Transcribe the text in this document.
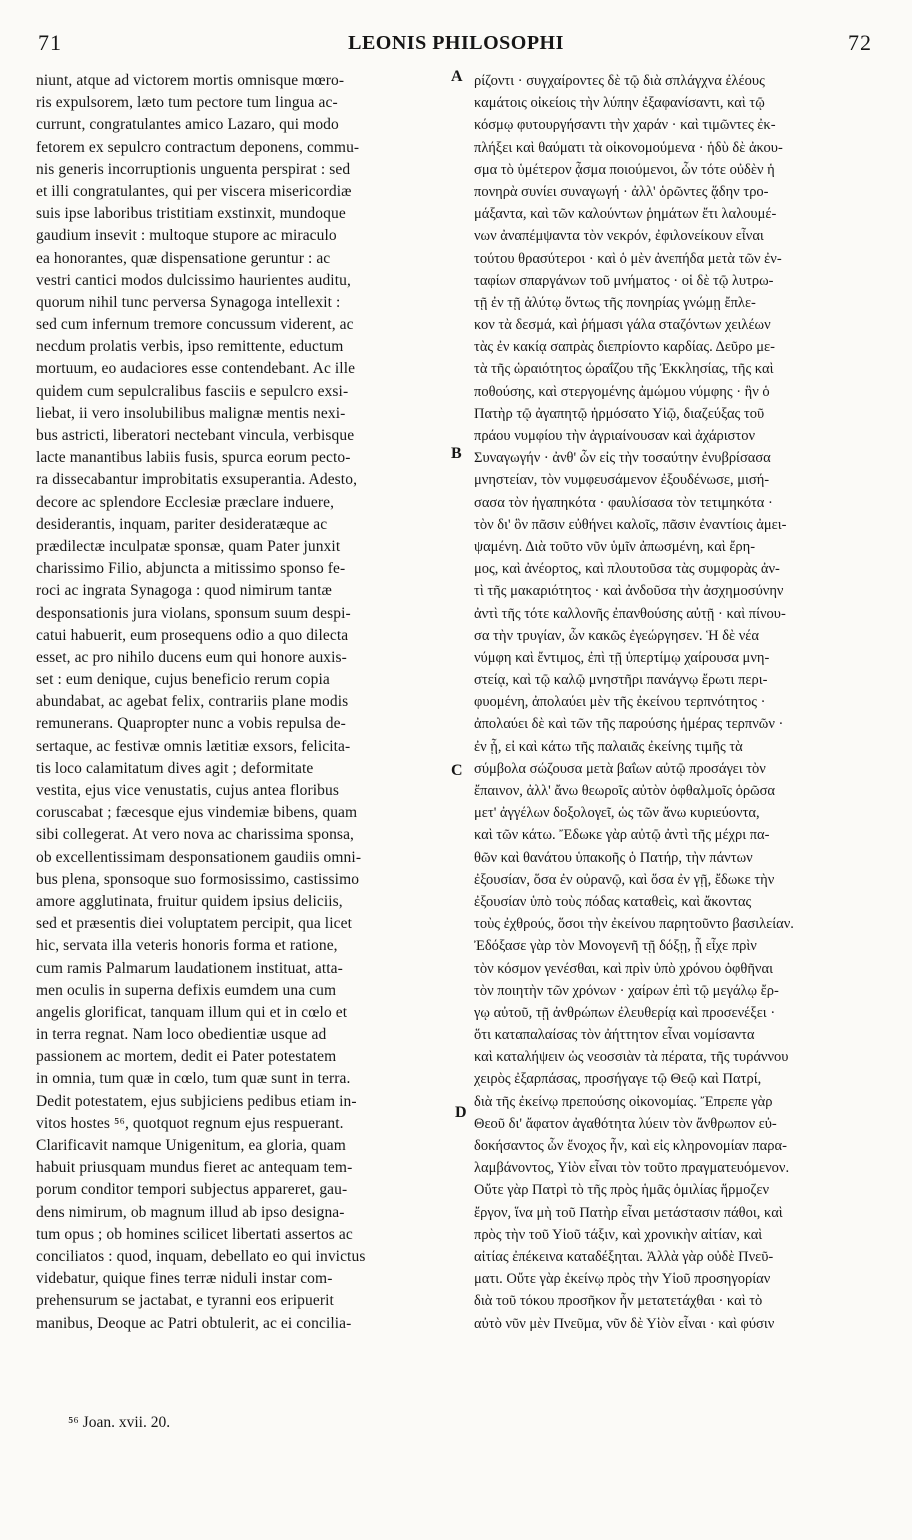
71	LEONIS PHILOSOPHI	72
niunt, atque ad victorem mortis omnisque mœro-
ris expulsorem, læto tum pectore tum lingua ac-
currunt, congratulantes amico Lazaro, qui modo
fetorem ex sepulcro contractum deponens, commu-
nis generis incorruptionis unguenta perspirat : sed
et illi congratulantes, qui per viscera misericordiæ
suis ipse laboribus tristitiam exstinxit, mundoque
gaudium insevit : multoque stupore ac miraculo
ea honorantes, quæ dispensatione geruntur : ac
vestri cantici modos dulcissimo haurientes auditu,
quorum nihil tunc perversa Synagoga intellexit :
sed cum infernum tremore concussum viderent, ac
necdum prolatis verbis, ipso remittente, eductum
mortuum, eo audaciores esse contendebant. Ac ille
quidem cum sepulcralibus fasciis e sepulcro exsi-
liebat, ii vero insolubilibus malignæ mentis nexi-
bus astricti, liberatori nectebant vincula, verbisque
lacte manantibus labiis fusis, spurca eorum pecto-
ra dissecabantur improbitatis exsuperantia. Adesto,
decore ac splendore Ecclesiæ præclare induere,
desiderantis, inquam, pariter desideratæque ac
prædilectæ inculpatæ sponsæ, quam Pater junxit
charissimo Filio, abjuncta a mitissimo sponso fe-
roci ac ingrata Synagoga : quod nimirum tantæ
desponsationis jura violans, sponsum suum despi-
catui habuerit, eum prosequens odio a quo dilecta
esset, ac pro nihilo ducens eum qui honore auxis-
set : eum denique, cujus beneficio rerum copia
abundabat, ac agebat felix, contrariis plane modis
remunerans. Quapropter nunc a vobis repulsa de-
sertaque, ac festivæ omnis lætitiæ exsors, felicita-
tis loco calamitatum dives agit ; deformitate
vestita, ejus vice venustatis, cujus antea floribus
coruscabat ; fæcesque ejus vindemiæ bibens, quam
sibi collegerat. At vero nova ac charissima sponsa,
ob excellentissimam desponsationem gaudiis omni-
bus plena, sponsoque suo formosissimo, castissimo
amore agglutinata, fruitur quidem ipsius deliciis,
sed et præsentis diei voluptatem percipit, qua licet
hic, servata illa veteris honoris forma et ratione,
cum ramis Palmarum laudationem instituat, atta-
men oculis in superna defixis eumdem una cum
angelis glorificat, tanquam illum qui et in cœlo et
in terra regnat. Nam loco obedientiæ usque ad
passionem ac mortem, dedit ei Pater potestatem
in omnia, tum quæ in cœlo, tum quæ sunt in terra.
Dedit potestatem, ejus subjiciens pedibus etiam in-
vitos hostes ⁵⁶, quotquot regnum ejus respuerant.
Clarificavit namque Unigenitum, ea gloria, quam
habuit priusquam mundus fieret ac antequam tem-
porum conditor tempori subjectus appareret, gau-
dens nimirum, ob magnum illud ab ipso designa-
tum opus ; ob homines scilicet libertati assertos ac
conciliatos : quod, inquam, debellato eo qui invictus
videbatur, quique fines terræ niduli instar com-
prehensurum se jactabat, e tyranni eos eripuerit
manibus, Deoque ac Patri obtulerit, ac ei concilia-
ρίζοντι · συγχαίροντες δὲ τῷ διὰ σπλάγχνα ἐλέους
καμάτοις οἰκείοις τὴν λύπην ἐξαφανίσαντι, καὶ τῷ
κόσμῳ φυτουργήσαντι τὴν χαράν · καὶ τιμῶντες ἐκ-
πλήξει καὶ θαύματι τὰ οἰκονομούμενα · ἡδὺ δὲ ἀκου-
σμα τὸ ὑμέτερον ᾆσμα ποιούμενοι, ὧν τότε οὐδὲν ἡ
πονηρὰ συνίει συναγωγή · ἀλλ' ὁρῶντες ᾅδην τρο-
μάξαντα, καὶ τῶν καλούντων ῥημάτων ἔτι λαλουμέ-
νων ἀναπέμψαντα τὸν νεκρόν, ἐφιλονείκουν εἶναι
τούτου θρασύτεροι · καὶ ὁ μὲν ἀνεπήδα μετὰ τῶν ἐν-
ταφίων σπαργάνων τοῦ μνήματος · οἱ δὲ τῷ λυτρω-
τῇ ἐν τῇ ἀλύτῳ ὄντως τῆς πονηρίας γνώμῃ ἔπλε-
κον τὰ δεσμά, καὶ ῥήμασι γάλα σταζόντων χειλέων
τὰς ἐν κακίᾳ σαπρὰς διεπρίοντο καρδίας. Δεῦρο με-
τὰ τῆς ὡραιότητος ὡραΐζου τῆς Ἐκκλησίας, τῆς καὶ
ποθούσης, καὶ στεργομένης ἀμώμου νύμφης · ἣν ὁ
Πατὴρ τῷ ἀγαπητῷ ἡρμόσατο Υἱῷ, διαζεύξας τοῦ
πράου νυμφίου τὴν ἀγριαίνουσαν καὶ ἀχάριστον
Συναγωγήν · ἀνθ' ὧν εἰς τὴν τοσαύτην ἐνυβρίσασα
μνηστείαν, τὸν νυμφευσάμενον ἐξουδένωσε, μισή-
σασα τὸν ἠγαπηκότα · φαυλίσασα τὸν τετιμηκότα ·
τὸν δι' ὃν πᾶσιν εὐθήνει καλοῖς, πᾶσιν ἐναντίοις ἀμει-
ψαμένη. Διὰ τοῦτο νῦν ὑμῖν ἀπωσμένη, καὶ ἔρη-
μος, καὶ ἀνέορτος, καὶ πλουτοῦσα τὰς συμφορὰς ἀν-
τὶ τῆς μακαριότητος · καὶ ἀνδοῦσα τὴν ἀσχημοσύνην
ἀντὶ τῆς τότε καλλονῆς ἐπανθούσης αὐτῇ · καὶ πίνου-
σα τὴν τρυγίαν, ὧν κακῶς ἐγεώργησεν. Ἡ δὲ νέα
νύμφη καὶ ἔντιμος, ἐπὶ τῇ ὑπερτίμῳ χαίρουσα μνη-
στείᾳ, καὶ τῷ καλῷ μνηστῆρι πανάγνῳ ἔρωτι περι-
φυομένη, ἀπολαύει μὲν τῆς ἐκείνου τερπνότητος ·
ἀπολαύει δὲ καὶ τῶν τῆς παρούσης ἡμέρας τερπνῶν ·
ἐν ᾗ, εἰ καὶ κάτω τῆς παλαιᾶς ἐκείνης τιμῆς τὰ
σύμβολα σώζουσα μετὰ βαΐων αὐτῷ προσάγει τὸν
ἔπαινον, ἀλλ' ἄνω θεωροῖς αὐτὸν ὀφθαλμοῖς ὁρῶσα
μετ' ἀγγέλων δοξολογεῖ, ὡς τῶν ἄνω κυριεύοντα,
καὶ τῶν κάτω. Ἔδωκε γὰρ αὐτῷ ἀντὶ τῆς μέχρι πα-
θῶν καὶ θανάτου ὑπακοῆς ὁ Πατήρ, τὴν πάντων
ἐξουσίαν, ὅσα ἐν οὐρανῷ, καὶ ὅσα ἐν γῇ, ἔδωκε τὴν
ἐξουσίαν ὑπὸ τοὺς πόδας καταθεὶς, καὶ ἄκοντας
τοὺς ἐχθρούς, ὅσοι τὴν ἐκείνου παρητοῦντο βασιλείαν.
Ἐδόξασε γὰρ τὸν Μονογενῆ τῇ δόξῃ, ᾗ εἶχε πρὶν
τὸν κόσμον γενέσθαι, καὶ πρὶν ὑπὸ χρόνου ὀφθῆναι
τὸν ποιητὴν τῶν χρόνων · χαίρων ἐπὶ τῷ μεγάλῳ ἔρ-
γῳ αὐτοῦ, τῇ ἀνθρώπων ἐλευθερίᾳ καὶ προσενέξει ·
ὅτι καταπαλαίσας τὸν ἀήττητον εἶναι νομίσαντα
καὶ καταλήψειν ὡς νεοσσιὰν τὰ πέρατα, τῆς τυράννου
χειρὸς ἐξαρπάσας, προσήγαγε τῷ Θεῷ καὶ Πατρί,
διὰ τῆς ἐκείνῳ πρεπούσης οἰκονομίας. Ἔπρεπε γὰρ
Θεοῦ δι' ἄφατον ἀγαθότητα λύειν τὸν ἄνθρωπον εὐ-
δοκήσαντος ὧν ἔνοχος ἦν, καὶ εἰς κληρονομίαν παρα-
λαμβάνοντος, Υἱὸν εἶναι τὸν τοῦτο πραγματευόμενον.
Οὔτε γὰρ Πατρὶ τὸ τῆς πρὸς ἡμᾶς ὁμιλίας ἥρμοζεν
ἔργον, ἵνα μὴ τοῦ Πατὴρ εἶναι μετάστασιν πάθοι, καὶ
πρὸς τὴν τοῦ Υἱοῦ τάξιν, καὶ χρονικὴν αἰτίαν, καὶ
αἰτίας ἐπέκεινα καταδέξηται. Ἀλλὰ γὰρ οὐδὲ Πνεῦ-
ματι. Οὔτε γὰρ ἐκείνῳ πρὸς τὴν Υἱοῦ προσηγορίαν
διὰ τοῦ τόκου προσῆκον ἦν μετατετάχθαι · καὶ τὸ
αὐτὸ νῦν μὲν Πνεῦμα, νῦν δὲ Υἱὸν εἶναι · καὶ φύσιν
A
B
C
D
⁵⁶ Joan. xvii. 20.
